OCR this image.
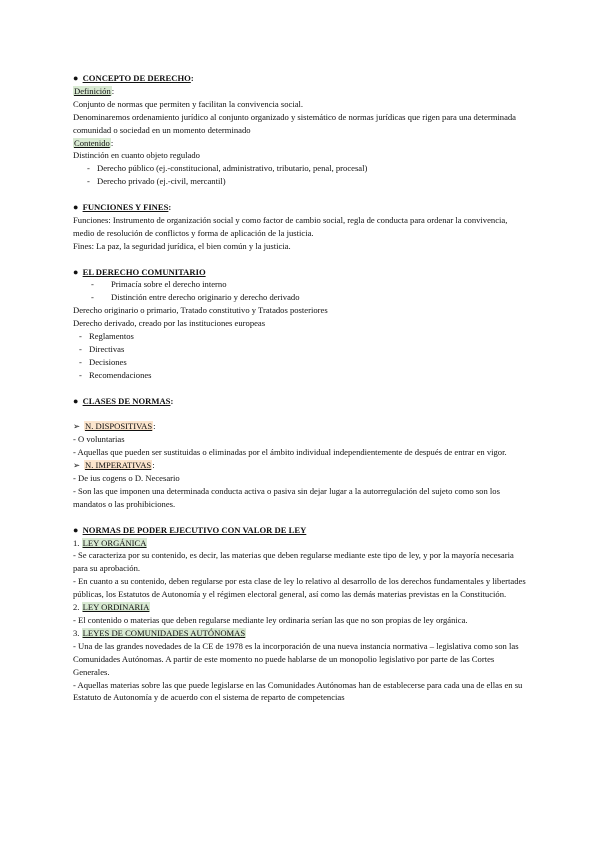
● CONCEPTO DE DERECHO:
Definición:
Conjunto de normas que permiten y facilitan la convivencia social.
Denominaremos ordenamiento jurídico al conjunto organizado y sistemático de normas jurídicas que rigen para una determinada comunidad o sociedad en un momento determinado
Contenido:
Distinción en cuanto objeto regulado
- Derecho público (ej.-constitucional, administrativo, tributario, penal, procesal)
- Derecho privado (ej.-civil, mercantil)
● FUNCIONES Y FINES:
Funciones: Instrumento de organización social y como factor de cambio social, regla de conducta para ordenar la convivencia, medio de resolución de conflictos y forma de aplicación de la justicia.
Fines: La paz, la seguridad jurídica, el bien común y la justicia.
● EL DERECHO COMUNITARIO
- Primacía sobre el derecho interno
- Distinción entre derecho originario y derecho derivado
Derecho originario o primario, Tratado constitutivo y Tratados posteriores
Derecho derivado, creado por las instituciones europeas
- Reglamentos
- Directivas
- Decisiones
- Recomendaciones
● CLASES DE NORMAS:
➢ N. DISPOSITIVAS:
- O voluntarias
- Aquellas que pueden ser sustituidas o eliminadas por el ámbito individual independientemente de después de entrar en vigor.
➢ N. IMPERATIVAS:
- De ius cogens o D. Necesario
- Son las que imponen una determinada conducta activa o pasiva sin dejar lugar a la autorregulación del sujeto como son los mandatos o las prohibiciones.
● NORMAS DE PODER EJECUTIVO CON VALOR DE LEY
1. LEY ORGÁNICA
- Se caracteriza por su contenido, es decir, las materias que deben regularse mediante este tipo de ley, y por la mayoría necesaria para su aprobación.
- En cuanto a su contenido, deben regularse por esta clase de ley lo relativo al desarrollo de los derechos fundamentales y libertades públicas, los Estatutos de Autonomía y el régimen electoral general, así como las demás materias previstas en la Constitución.
2. LEY ORDINARIA
- El contenido o materias que deben regularse mediante ley ordinaria serían las que no son propias de ley orgánica.
3. LEYES DE COMUNIDADES AUTÓNOMAS
- Una de las grandes novedades de la CE de 1978 es la incorporación de una nueva instancia normativa – legislativa como son las Comunidades Autónomas. A partir de este momento no puede hablarse de un monopolio legislativo por parte de las Cortes Generales.
- Aquellas materias sobre las que puede legislarse en las Comunidades Autónomas han de establecerse para cada una de ellas en su Estatuto de Autonomía y de acuerdo con el sistema de reparto de competencias
